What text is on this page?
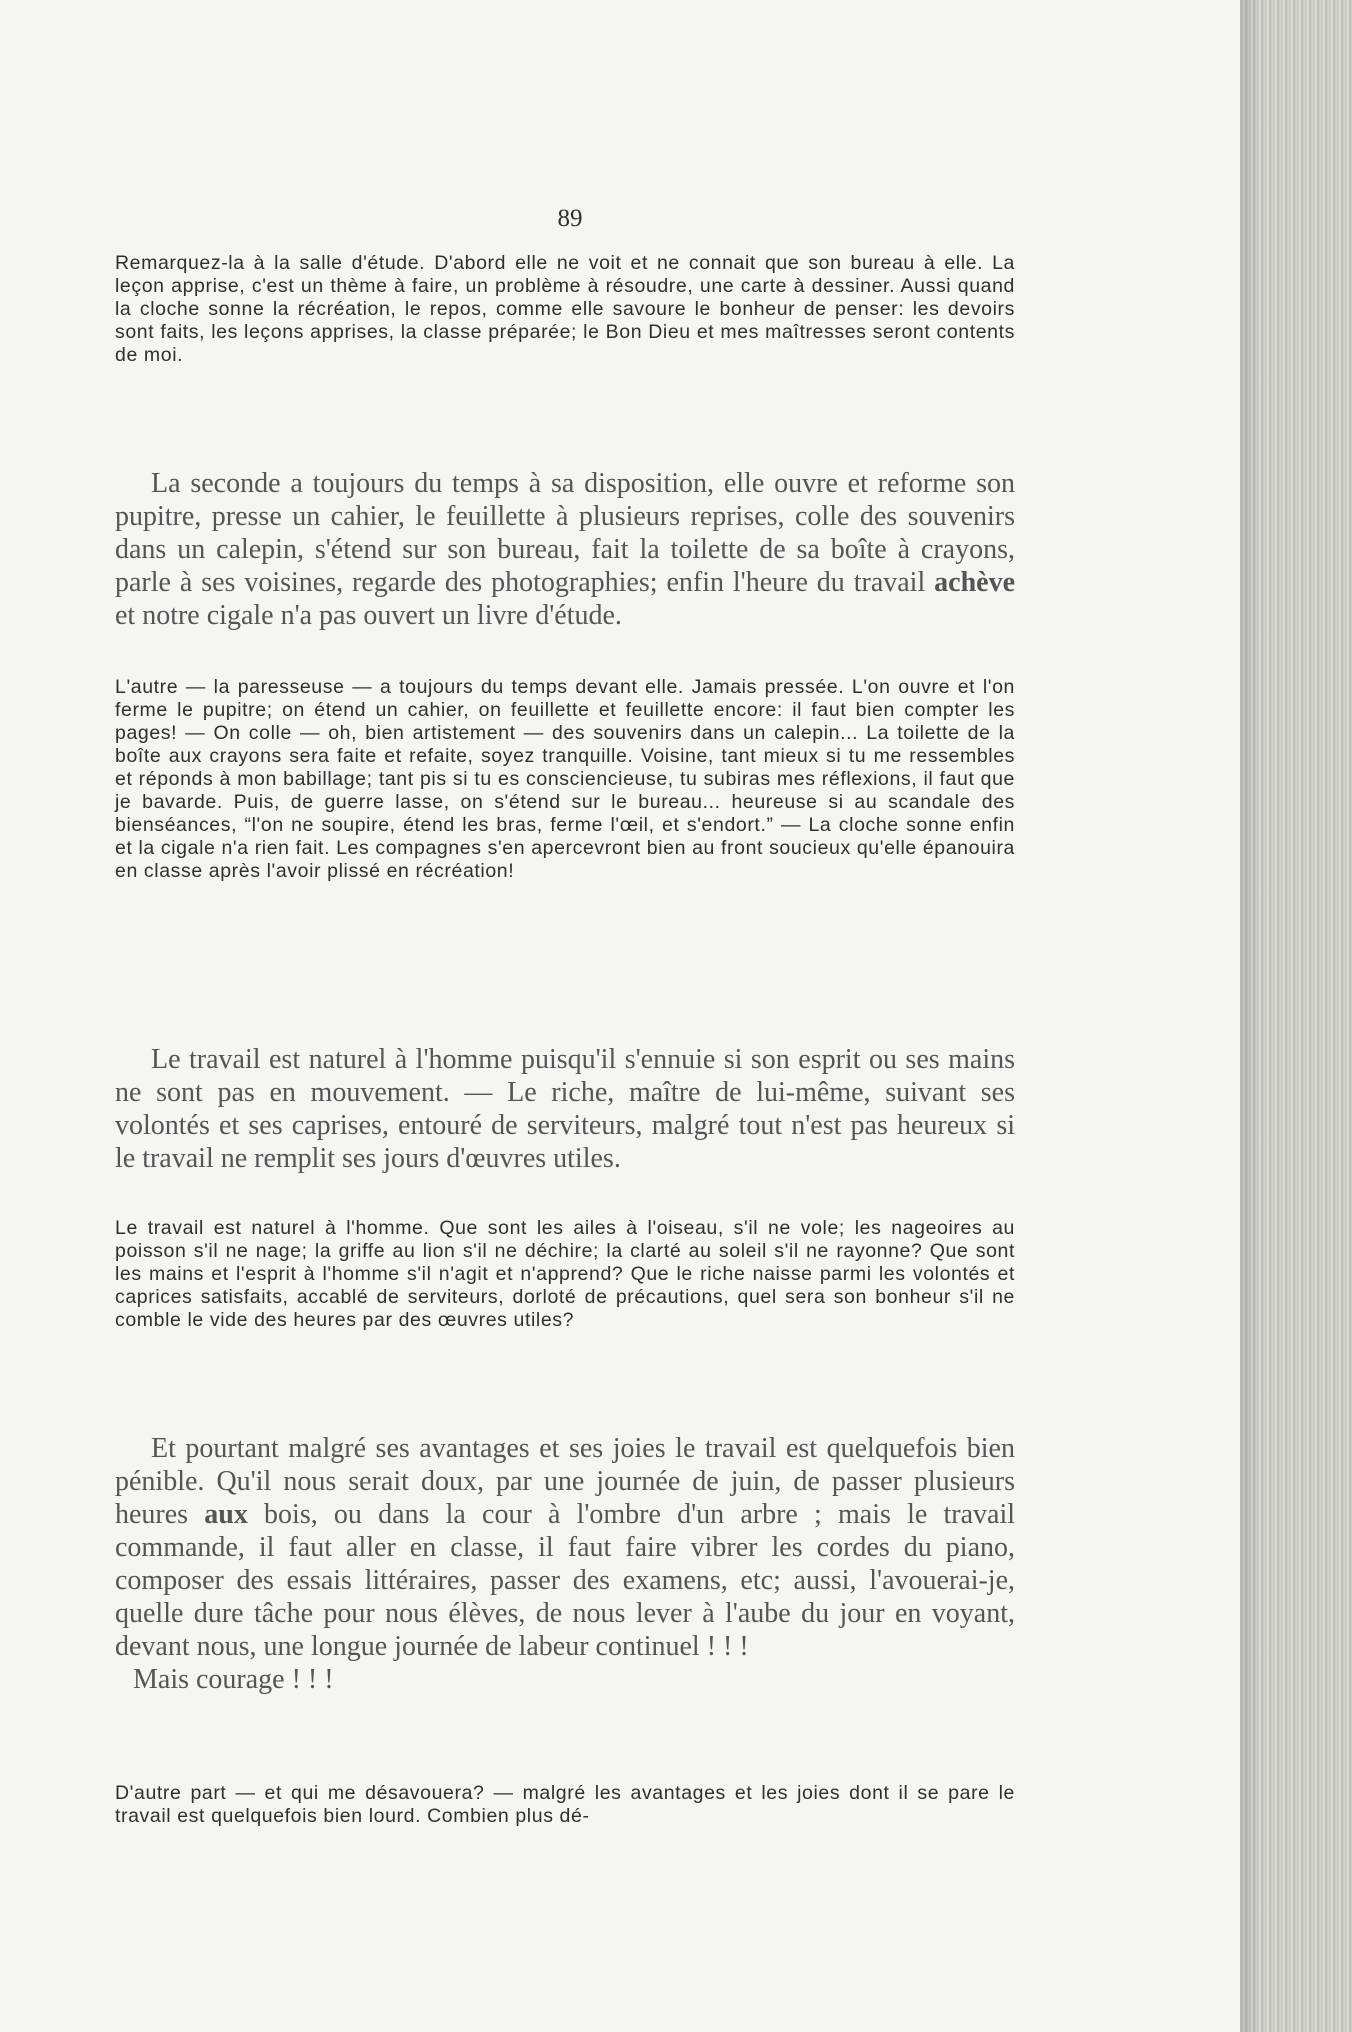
89

Remarquez-la à la salle d'étude. D'abord elle ne voit et ne connait que son bureau à elle. La leçon apprise, c'est un thème à faire, un problème à résoudre, une carte à dessiner. Aussi quand la cloche sonne la récréation, le repos, comme elle savoure le bonheur de penser: les devoirs sont faits, les leçons apprises, la classe préparée; le Bon Dieu et mes maîtresses seront contents de moi.

La seconde a toujours du temps à sa disposition, elle ouvre et reforme son pupitre, presse un cahier, le feuillette à plusieurs reprises, colle des souvenirs dans un calepin, s'étend sur son bureau, fait la toilette de sa boîte à crayons, parle à ses voisines, regarde des photographies; enfin l'heure du travail achève et notre cigale n'a pas ouvert un livre d'étude.

L'autre — la paresseuse — a toujours du temps devant elle. Jamais pressée. L'on ouvre et l'on ferme le pupitre; on étend un cahier, on feuillette et feuillette encore: il faut bien compter les pages! — On colle — oh, bien artistement — des souvenirs dans un calepin... La toilette de la boîte aux crayons sera faite et refaite, soyez tranquille. Voisine, tant mieux si tu me ressembles et réponds à mon babillage; tant pis si tu es consciencieuse, tu subiras mes réflexions, il faut que je bavarde. Puis, de guerre lasse, on s'étend sur le bureau... heureuse si au scandale des bienséances, “l'on ne soupire, étend les bras, ferme l'œil, et s'endort.” — La cloche sonne enfin et la cigale n'a rien fait. Les compagnes s'en apercevront bien au front soucieux qu'elle épanouira en classe après l'avoir plissé en récréation!

Le travail est naturel à l'homme puisqu'il s'ennuie si son esprit ou ses mains ne sont pas en mouvement. — Le riche, maître de lui-même, suivant ses volontés et ses caprises, entouré de serviteurs, malgré tout n'est pas heureux si le travail ne remplit ses jours d'œuvres utiles.

Le travail est naturel à l'homme. Que sont les ailes à l'oiseau, s'il ne vole; les nageoires au poisson s'il ne nage; la griffe au lion s'il ne déchire; la clarté au soleil s'il ne rayonne? Que sont les mains et l'esprit à l'homme s'il n'agit et n'apprend? Que le riche naisse parmi les volontés et caprices satisfaits, accablé de serviteurs, dorloté de précautions, quel sera son bonheur s'il ne comble le vide des heures par des œuvres utiles?

Et pourtant malgré ses avantages et ses joies le travail est quelquefois bien pénible. Qu'il nous serait doux, par une journée de juin, de passer plusieurs heures aux bois, ou dans la cour à l'ombre d'un arbre ; mais le travail commande, il faut aller en classe, il faut faire vibrer les cordes du piano, composer des essais littéraires, passer des examens, etc; aussi, l'avouerai-je, quelle dure tâche pour nous élèves, de nous lever à l'aube du jour en voyant, devant nous, une longue journée de labeur continuel ! ! !

Mais courage ! ! !

D'autre part — et qui me désavouera? — malgré les avantages et les joies dont il se pare le travail est quelquefois bien lourd. Combien plus dé-
